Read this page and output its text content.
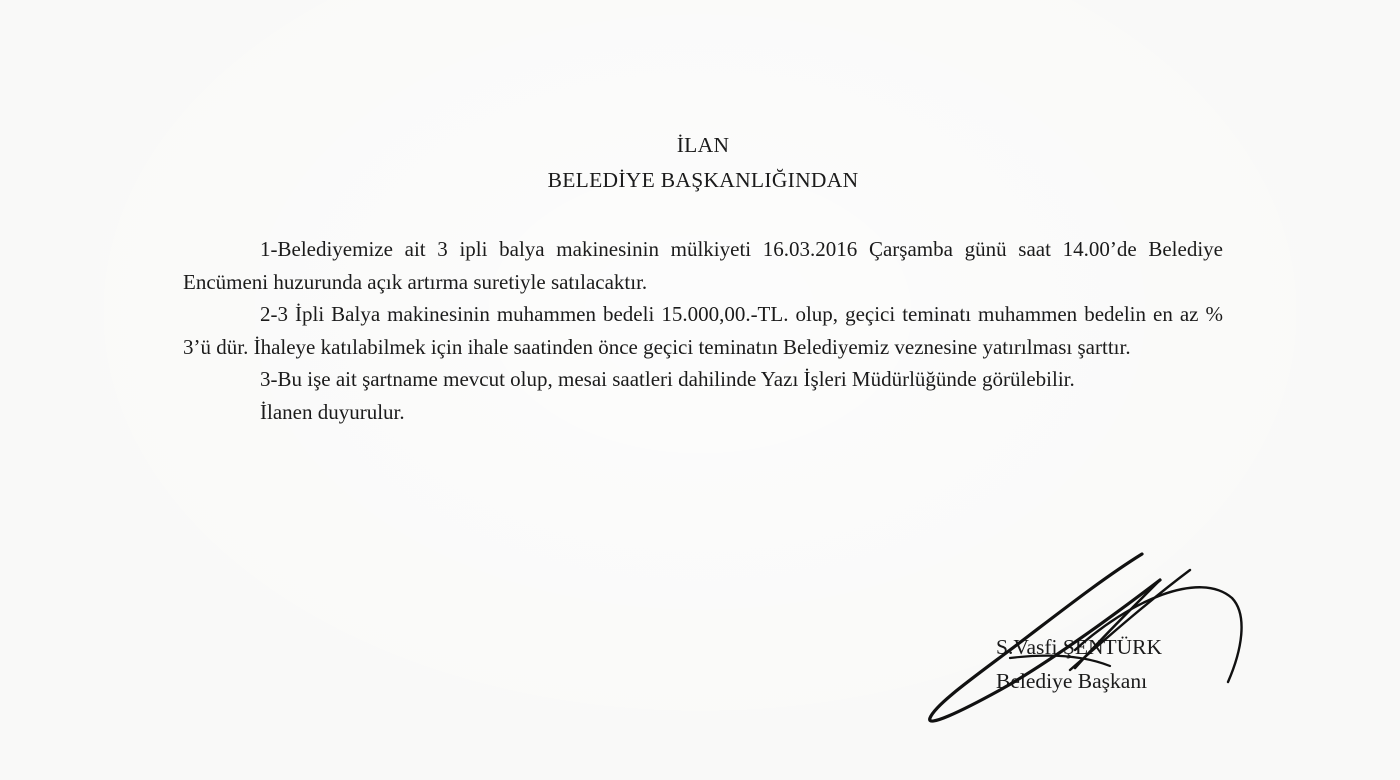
İLAN
BELEDİYE BAŞKANLIĞINDAN

1-Belediyemize ait 3 ipli balya makinesinin mülkiyeti 16.03.2016 Çarşamba günü saat 14.00’de Belediye Encümeni huzurunda açık artırma suretiyle satılacaktır.

2-3 İpli Balya makinesinin muhammen bedeli 15.000,00.-TL. olup, geçici teminatı muhammen bedelin en az % 3’ü dür. İhaleye katılabilmek için ihale saatinden önce geçici teminatın Belediyemiz veznesine yatırılması şarttır.

3-Bu işe ait şartname mevcut olup, mesai saatleri dahilinde Yazı İşleri Müdürlüğünde görülebilir.

İlanen duyurulur.

S.Vasfi ŞENTÜRK
Belediye Başkanı
